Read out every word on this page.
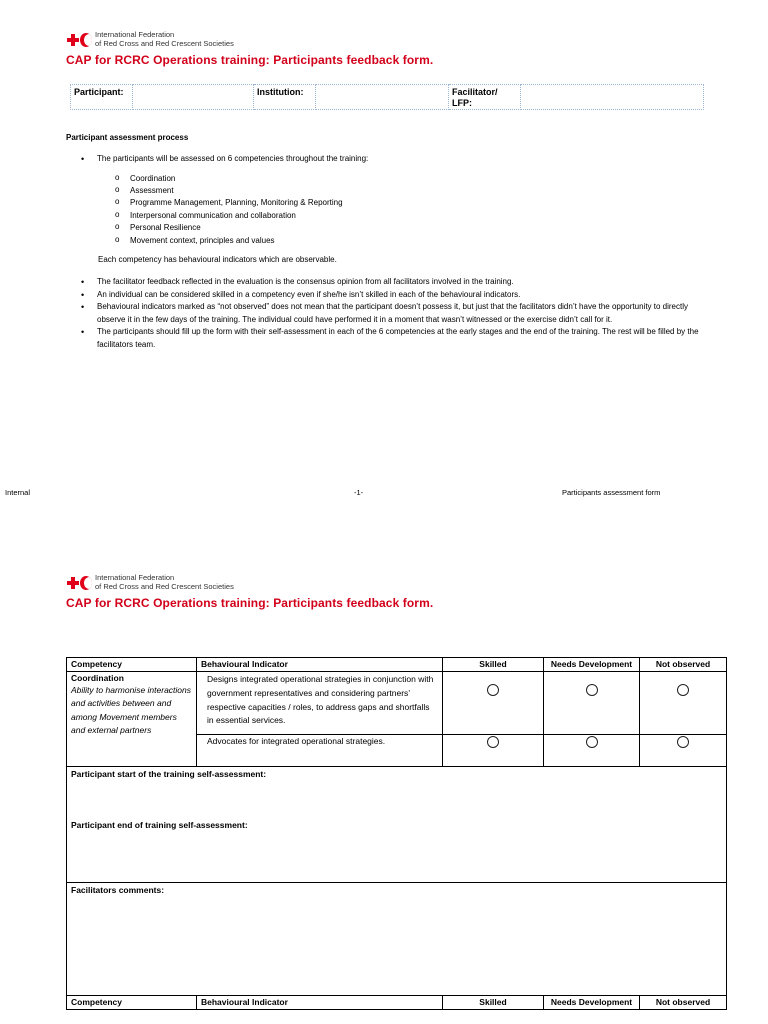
International Federation
of Red Cross and Red Crescent Societies
CAP for RCRC Operations training: Participants feedback form.
Participant:		Institution:		Facilitator/
LFP:

Participant assessment process
• The participants will be assessed on 6 competencies throughout the training:
o Coordination
o Assessment
o Programme Management, Planning, Monitoring & Reporting
o Interpersonal communication and collaboration
o Personal Resilience
o Movement context, principles and values
Each competency has behavioural indicators which are observable.
• The facilitator feedback reflected in the evaluation is the consensus opinion from all facilitators involved in the training.
• An individual can be considered skilled in a competency even if she/he isn’t skilled in each of the behavioural indicators.
• Behavioural indicators marked as “not observed” does not mean that the participant doesn’t possess it, but just that the facilitators didn’t have the opportunity to directly observe it in the few days of the training. The individual could have performed it in a moment that wasn’t witnessed or the exercise didn’t call for it.
• The participants should fill up the form with their self-assessment in each of the 6 competencies at the early stages and the end of the training. The rest will be filled by the facilitators team.
Internal	-1-	Participants assessment form
International Federation
of Red Cross and Red Crescent Societies
CAP for RCRC Operations training: Participants feedback form.
Competency	Behavioural Indicator	Skilled	Needs Development	Not observed

Coordination
Ability to harmonise interactions and activities between and among Movement members and external partners	Designs integrated operational strategies in conjunction with government representatives and considering partners’ respective capacities / roles, to address gaps and shortfalls in essential services.			
	Advocates for integrated operational strategies.			

Participant start of the training self-assessment:
Participant end of training self-assessment:				

Facilitators comments:				

Competency	Behavioural Indicator	Skilled	Needs Development	Not observed
